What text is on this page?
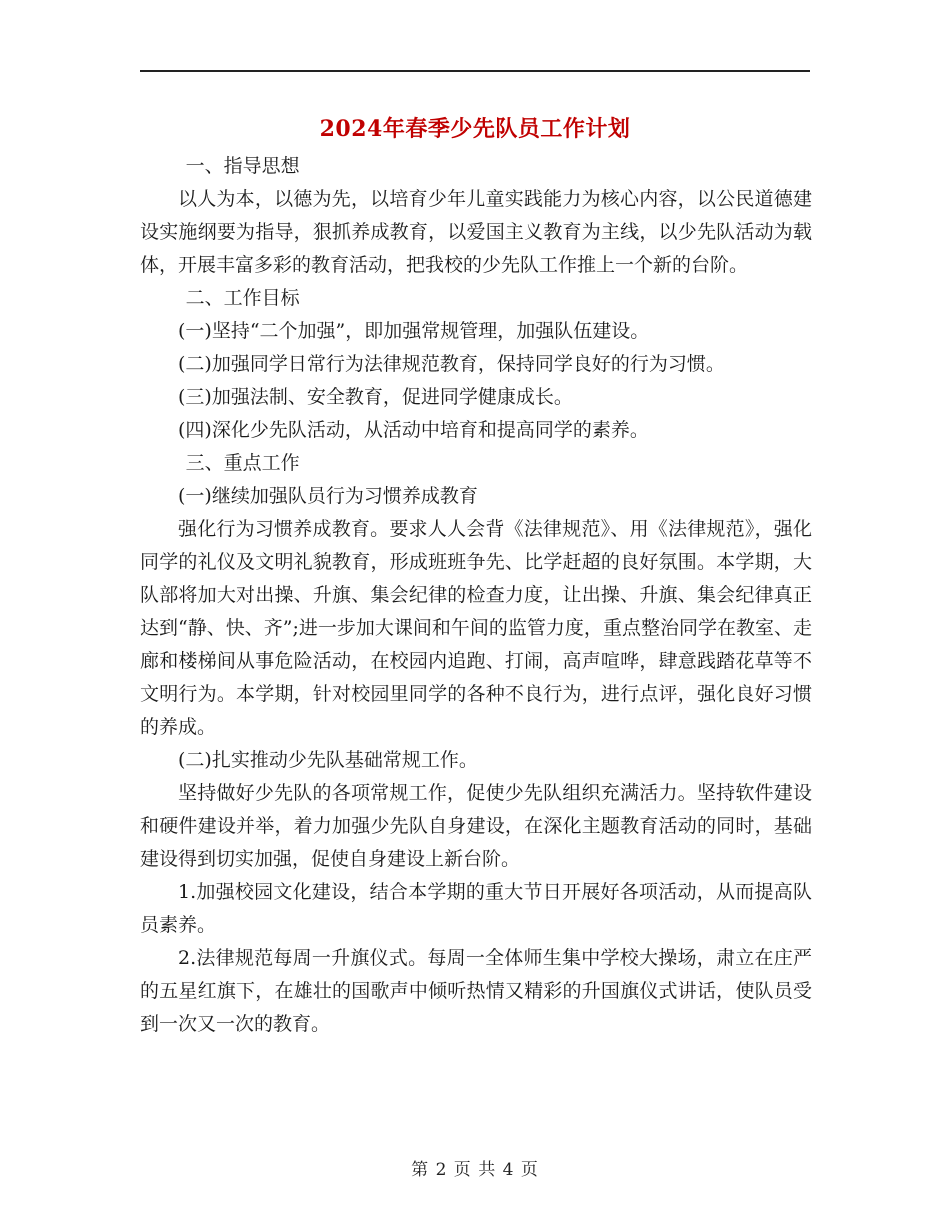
2024年春季少先队员工作计划

一、指导思想

以人为本，以德为先，以培育少年儿童实践能力为核心内容，以公民道德建设实施纲要为指导，狠抓养成教育，以爱国主义教育为主线，以少先队活动为载体，开展丰富多彩的教育活动，把我校的少先队工作推上一个新的台阶。

二、工作目标

(一)坚持“二个加强”，即加强常规管理，加强队伍建设。

(二)加强同学日常行为法律规范教育，保持同学良好的行为习惯。

(三)加强法制、安全教育，促进同学健康成长。

(四)深化少先队活动，从活动中培育和提高同学的素养。

三、重点工作

(一)继续加强队员行为习惯养成教育

强化行为习惯养成教育。要求人人会背《法律规范》、用《法律规范》，强化同学的礼仪及文明礼貌教育，形成班班争先、比学赶超的良好氛围。本学期，大队部将加大对出操、升旗、集会纪律的检查力度，让出操、升旗、集会纪律真正达到“静、快、齐”;进一步加大课间和午间的监管力度，重点整治同学在教室、走廊和楼梯间从事危险活动，在校园内追跑、打闹，高声喧哗，肆意践踏花草等不文明行为。本学期，针对校园里同学的各种不良行为，进行点评，强化良好习惯的养成。

(二)扎实推动少先队基础常规工作。

坚持做好少先队的各项常规工作，促使少先队组织充满活力。坚持软件建设和硬件建设并举，着力加强少先队自身建设，在深化主题教育活动的同时，基础建设得到切实加强，促使自身建设上新台阶。

1.加强校园文化建设，结合本学期的重大节日开展好各项活动，从而提高队员素养。

2.法律规范每周一升旗仪式。每周一全体师生集中学校大操场，肃立在庄严的五星红旗下，在雄壮的国歌声中倾听热情又精彩的升国旗仪式讲话，使队员受到一次又一次的教育。

第 2 页 共 4 页
